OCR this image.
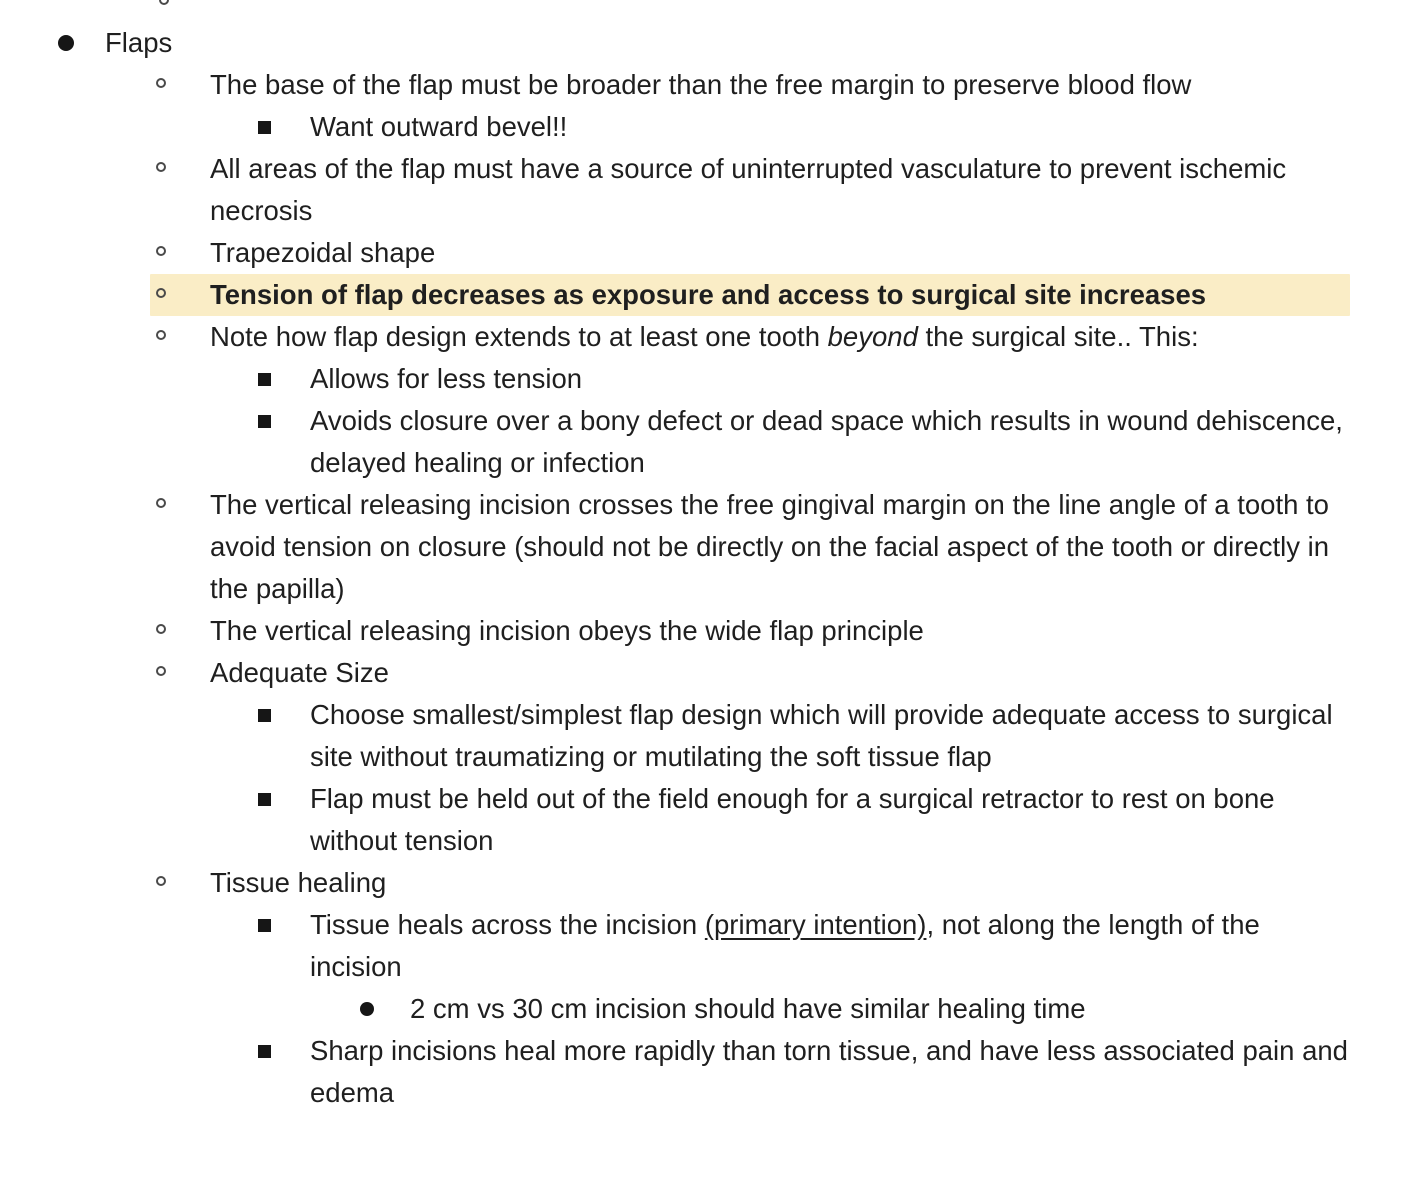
Flaps
The base of the flap must be broader than the free margin to preserve blood flow
Want outward bevel!!
All areas of the flap must have a source of uninterrupted vasculature to prevent ischemic necrosis
Trapezoidal shape
Tension of flap decreases as exposure and access to surgical site increases
Note how flap design extends to at least one tooth beyond the surgical site.. This:
Allows for less tension
Avoids closure over a bony defect or dead space which results in wound dehiscence, delayed healing or infection
The vertical releasing incision crosses the free gingival margin on the line angle of a tooth to avoid tension on closure (should not be directly on the facial aspect of the tooth or directly in the papilla)
The vertical releasing incision obeys the wide flap principle
Adequate Size
Choose smallest/simplest flap design which will provide adequate access to surgical site without traumatizing or mutilating the soft tissue flap
Flap must be held out of the field enough for a surgical retractor to rest on bone without tension
Tissue healing
Tissue heals across the incision (primary intention), not along the length of the incision
2 cm vs 30 cm incision should have similar healing time
Sharp incisions heal more rapidly than torn tissue, and have less associated pain and edema
